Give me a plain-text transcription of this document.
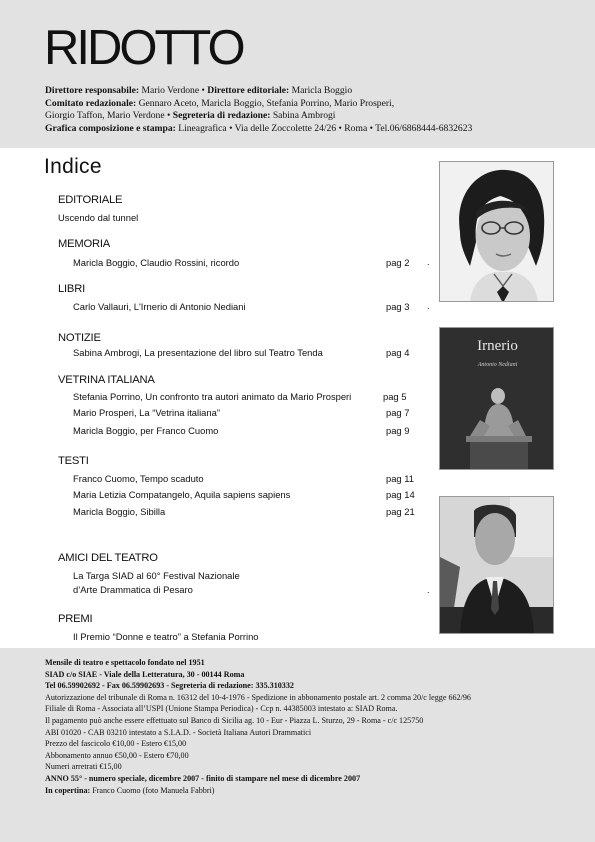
RIDOTTO
Direttore responsabile: Mario Verdone • Direttore editoriale: Maricla Boggio
Comitato redazionale: Gennaro Aceto, Maricla Boggio, Stefania Porrino, Mario Prosperi,
Giorgio Taffon, Mario Verdone • Segreteria di redazione: Sabina Ambrogi
Grafica composizione e stampa: Lineagrafica • Via delle Zoccolette 24/26 • Roma • Tel.06/6868444-6832623
Indice
EDITORIALE
Uscendo dal tunnel
MEMORIA
Maricla Boggio, Claudio Rossini, ricordo	pag 2 .
LIBRI
Carlo Vallauri, L'Irnerio di Antonio Nediani	pag 3 .
NOTIZIE
Sabina Ambrogi, La presentazione del libro sul Teatro Tenda	pag 4
VETRINA ITALIANA
Stefania Porrino, Un confronto tra autori animato da Mario Prosperi	pag 5
Mario Prosperi, La “Vetrina italiana”	pag 7
Maricla Boggio, per Franco Cuomo	pag 9
TESTI
Franco Cuomo, Tempo scaduto	pag 11
Maria Letizia Compatangelo, Aquila sapiens sapiens	pag 14
Maricla Boggio, Sibilla	pag 21
AMICI DEL TEATRO
La Targa SIAD al 60° Festival Nazionale
d’Arte Drammatica di Pesaro	.
PREMI
Il Premio “Donne e teatro” a Stefania Porrino
Irnerio
Antonio Nediani
Mensile di teatro e spettacolo fondato nel 1951
SIAD c/o SIAE - Viale della Letteratura, 30 - 00144 Roma
Tel 06.59902692 - Fax 06.59902693 - Segreteria di redazione: 335.310332
Autorizzazione del tribunale di Roma n. 16312 del 10-4-1976 - Spedizione in abbonamento postale art. 2 comma 20/c legge 662/96
Filiale di Roma - Associata all’USPI (Unione Stampa Periodica) - Ccp n. 44385003 intestato a: SIAD Roma.
Il pagamento può anche essere effettuato sul Banco di Sicilia ag. 10 - Eur - Piazza L. Sturzo, 29 - Roma - c/c 125750
ABI 01020 - CAB 03210 intestato a S.I.A.D. - Società Italiana Autori Drammatici
Prezzo del fascicolo €10,00 - Estero €15,00
Abbonamento annuo €50,00 - Estero €70,00
Numeri arretrati €15,00
ANNO 55° - numero speciale, dicembre 2007 - finito di stampare nel mese di dicembre 2007
In copertina: Franco Cuomo (foto Manuela Fabbri)
